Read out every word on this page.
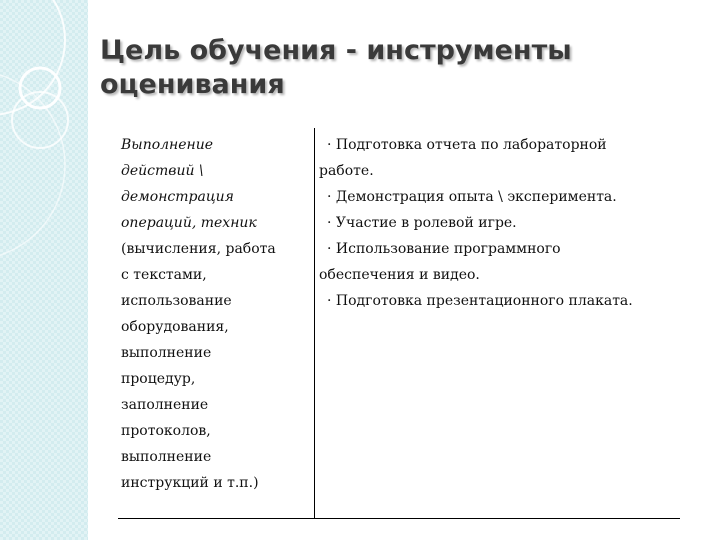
Цель обучения - инструменты
оценивания
Выполнение
действий \
демонстрация
операций, техник
(вычисления, работа
с текстами,
использование
оборудования,
выполнение
процедур,
заполнение
протоколов,
выполнение
инструкций и т.п.)
· Подготовка отчета по лабораторной
работе.
· Демонстрация опыта \ эксперимента.
· Участие в ролевой игре.
· Использование программного
обеспечения и видео.
· Подготовка презентационного плаката.
